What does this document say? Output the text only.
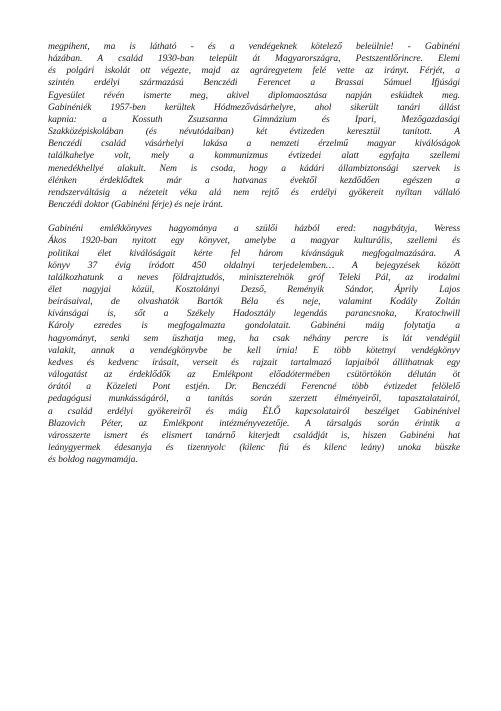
megpihent, ma is látható - és a vendégeknek kötelező beleülnie! - Gabinéni
házában. A család 1930-ban települt át Magyarországra, Pestszentlőrincre. Elemi
és polgári iskolát ott végezte, majd az agráregyetem felé vette az irányt. Férjét, a
szintén erdélyi származású Benczédi Ferencet a Brassai Sámuel Ifjúsági
Egyesület révén ismerte meg, akivel diplomaosztása napján esküdtek meg.
Gabinéniék 1957-ben kerültek Hódmezővásárhelyre, ahol sikerült tanári állást
kapnia: a Kossuth Zsuzsanna Gimnázium és Ipari, Mezőgazdasági
Szakközépiskolában (és névutódaiban) két évtizeden keresztül tanított. A
Benczédi család vásárhelyi lakása a nemzeti érzelmű magyar kiválóságok
találkahelye volt, mely a kommunizmus évtizedei alatt egyfajta szellemi
menedékhellyé alakult. Nem is csoda, hogy a kádári állambiztonsági szervek is
élénken érdeklődtek már a hatvanas évektől kezdődően egészen a
rendszerváltásig a nézeteit véka alá nem rejtő és erdélyi gyökereit nyíltan vállaló
Benczédi doktor (Gabinéni férje) és neje iránt.
Gabinéni emlékkönyves hagyománya a szülői házból ered: nagybátyja, Weress
Ákos 1920-ban nyitott egy könyvet, amelybe a magyar kulturális, szellemi és
politikai élet kiválóságait kérte fel három kívánságuk megfogalmazására. A
könyv 37 évig íródott 450 oldalnyi terjedelemben… A bejegyzések között
találkozhatunk a neves földrajztudós, miniszterelnök gróf Teleki Pál, az irodalmi
élet nagyjai közül, Kosztolányi Dezső, Reményik Sándor, Áprily Lajos
beírásaival, de olvashatók Bartók Béla és neje, valamint Kodály Zoltán
kívánságai is, sőt a Székely Hadosztály legendás parancsnoka, Kratochwill
Károly ezredes is megfogalmazta gondolatait. Gabinéni máig folytatja a
hagyományt, senki sem üszhatja meg, ha csak néhány percre is lát vendégül
valakit, annak a vendégkönyvbe be kell írnia! E több kötetnyi vendégkönyv
kedves és kedvenc írásait, verseit és rajzait tartalmazó lapjaiból állíthatnak egy
válogatást az érdeklődők az Emlékpont előadótermében csütörtökön délután öt
órától a Közeleti Pont estjén. Dr. Benczédi Ferencné több évtizedet felölelő
pedagógusi munkásságáról, a tanítás során szerzett élményeiről, tapasztalatairól,
a család erdélyi gyökereiről és máig ÉLŐ kapcsolatairól beszélget Gabinénivel
Blazovich Péter, az Emlékpont intézményvezetője. A társalgás során érintik a
városszerte ismert és elismert tanárnő kiterjedt családját is, hiszen Gabinéni hat
leánygyermek édesanyja és tizennyolc (kilenc fiú és kilenc leány) unoka büszke
és boldog nagymamája.
